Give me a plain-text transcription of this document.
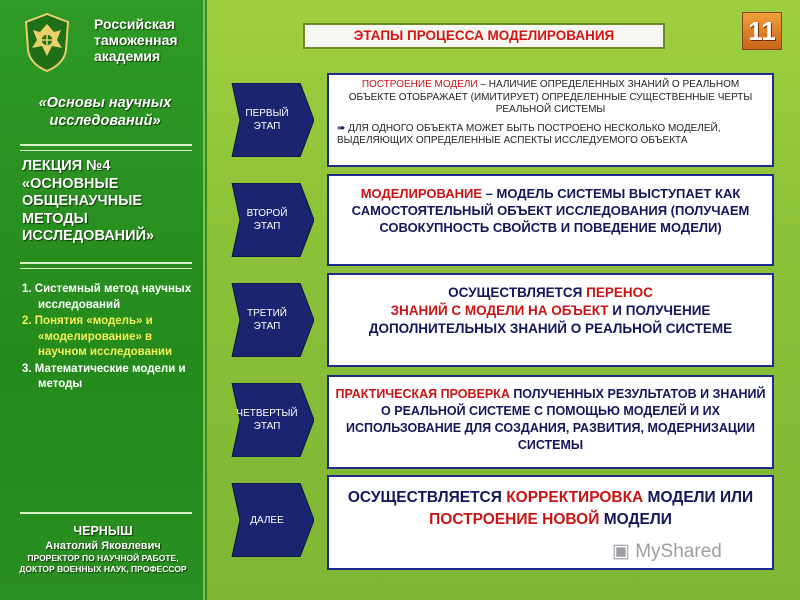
Российская
таможенная
академия
«Основы научных исследований»
ЛЕКЦИЯ №4 «ОСНОВНЫЕ ОБЩЕНАУЧНЫЕ МЕТОДЫ ИССЛЕДОВАНИЙ»
1. Системный метод научных исследований
2. Понятия «модель» и «моделирование» в научном исследовании
3. Математические модели и методы
ЧЕРНЫШ
Анатолий Яковлевич
ПРОРЕКТОР ПО НАУЧНОЙ РАБОТЕ,
ДОКТОР ВОЕННЫХ НАУК, ПРОФЕССОР
ЭТАПЫ ПРОЦЕССА МОДЕЛИРОВАНИЯ	11
ПЕРВЫЙ
ЭТАП
ВТОРОЙ
ЭТАП
ТРЕТИЙ
ЭТАП
ЧЕТВЕРТЫЙ
ЭТАП
ДАЛЕЕ
ПОСТРОЕНИЕ МОДЕЛИ – НАЛИЧИЕ ОПРЕДЕЛЕННЫХ ЗНАНИЙ О РЕАЛЬНОМ ОБЪЕКТЕ ОТОБРАЖАЕТ (ИМИТИРУЕТ) ОПРЕДЕЛЕННЫЕ СУЩЕСТВЕННЫЕ ЧЕРТЫ РЕАЛЬНОЙ СИСТЕМЫ
➠ ДЛЯ ОДНОГО ОБЪЕКТА МОЖЕТ БЫТЬ ПОСТРОЕНО НЕСКОЛЬКО МОДЕЛЕЙ, ВЫДЕЛЯЮЩИХ ОПРЕДЕЛЕННЫЕ АСПЕКТЫ ИССЛЕДУЕМОГО ОБЪЕКТА
МОДЕЛИРОВАНИЕ – МОДЕЛЬ СИСТЕМЫ ВЫСТУПАЕТ КАК САМОСТОЯТЕЛЬНЫЙ ОБЪЕКТ ИССЛЕДОВАНИЯ (ПОЛУЧАЕМ СОВОКУПНОСТЬ СВОЙСТВ И ПОВЕДЕНИЕ МОДЕЛИ)
ОСУЩЕСТВЛЯЕТСЯ ПЕРЕНОС
ЗНАНИЙ С МОДЕЛИ НА ОБЪЕКТ И ПОЛУЧЕНИЕ ДОПОЛНИТЕЛЬНЫХ ЗНАНИЙ О РЕАЛЬНОЙ СИСТЕМЕ
ПРАКТИЧЕСКАЯ ПРОВЕРКА ПОЛУЧЕННЫХ РЕЗУЛЬТАТОВ И ЗНАНИЙ О РЕАЛЬНОЙ СИСТЕМЕ С ПОМОЩЬЮ МОДЕЛЕЙ И ИХ ИСПОЛЬЗОВАНИЕ ДЛЯ СОЗДАНИЯ, РАЗВИТИЯ, МОДЕРНИЗАЦИИ СИСТЕМЫ
ОСУЩЕСТВЛЯЕТСЯ КОРРЕКТИРОВКА МОДЕЛИ ИЛИ ПОСТРОЕНИЕ НОВОЙ МОДЕЛИ
▣ MyShared
